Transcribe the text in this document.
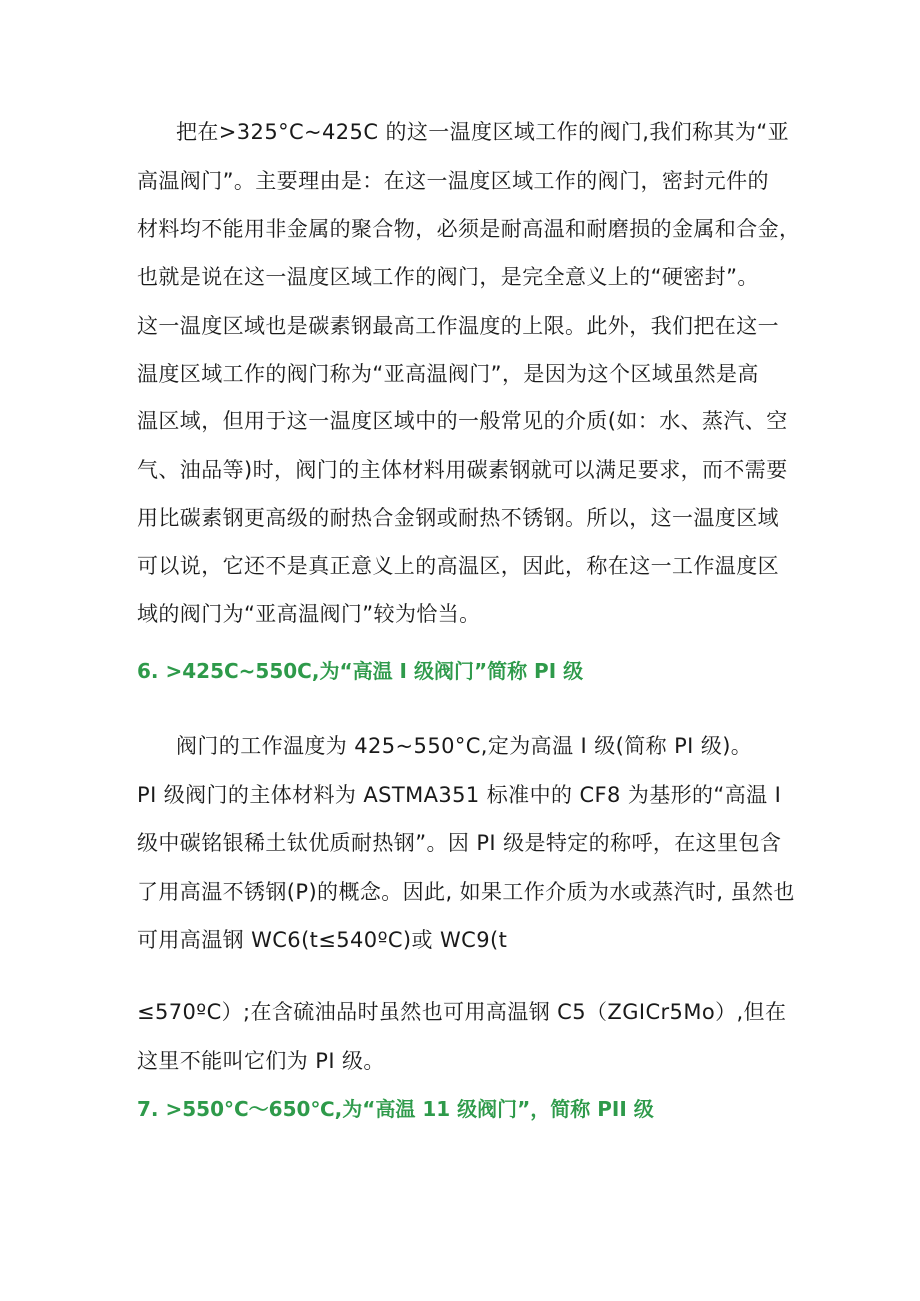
把在>325°C~425C 的这一温度区域工作的阀门,我们称其为“亚
高温阀门”。主要理由是：在这一温度区域工作的阀门，密封元件的
材料均不能用非金属的聚合物，必须是耐高温和耐磨损的金属和合金，
也就是说在这一温度区域工作的阀门，是完全意义上的“硬密封”。
这一温度区域也是碳素钢最高工作温度的上限。此外，我们把在这一
温度区域工作的阀门称为“亚高温阀门”，是因为这个区域虽然是高
温区域，但用于这一温度区域中的一般常见的介质(如：水、蒸汽、空
气、油品等)时，阀门的主体材料用碳素钢就可以满足要求，而不需要
用比碳素钢更高级的耐热合金钢或耐热不锈钢。所以，这一温度区域
可以说，它还不是真正意义上的高温区，因此，称在这一工作温度区
域的阀门为“亚高温阀门”较为恰当。
6. >425C~550C,为“高温 I 级阀门”简称 PI 级
阀门的工作温度为 425~550°C,定为高温 I 级(简称 PI 级)。
PI 级阀门的主体材料为 ASTMA351 标准中的 CF8 为基形的“高温 I
级中碳铭银稀土钛优质耐热钢”。因 PI 级是特定的称呼，在这里包含
了用高温不锈钢(P)的概念。因此, 如果工作介质为水或蒸汽时, 虽然也
可用高温钢 WC6(t≤540ºC)或 WC9(t
≤570ºC）;在含硫油品时虽然也可用高温钢 C5（ZGICr5Mo）,但在
这里不能叫它们为 PI 级。
7. >550°C～650℃,为“高温 11 级阀门”，简称 PII 级
